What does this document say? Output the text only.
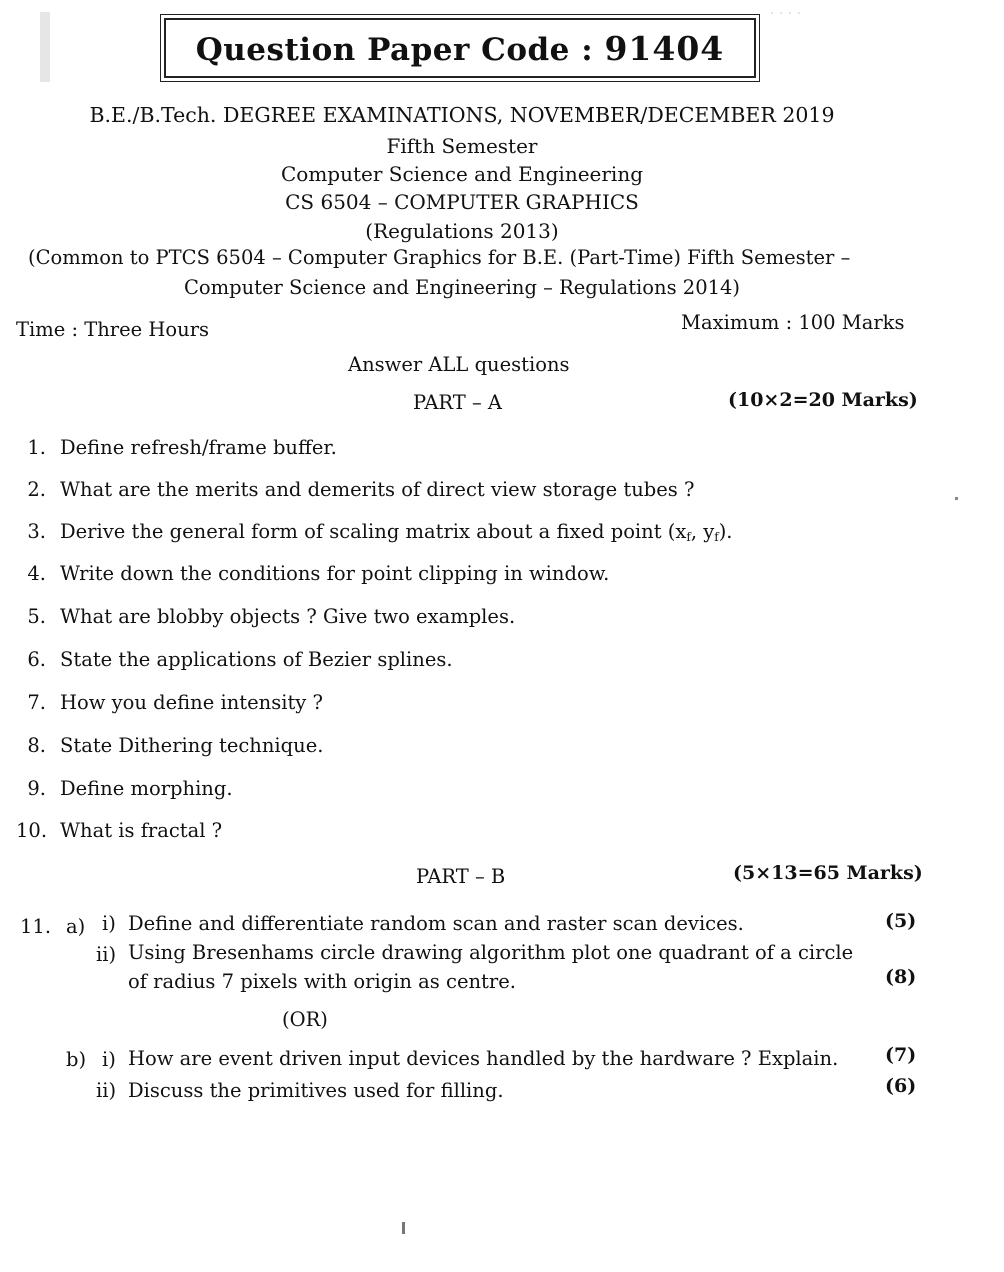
. . . .
Question Paper Code : 91404
B.E./B.Tech. DEGREE EXAMINATIONS, NOVEMBER/DECEMBER 2019
Fifth Semester
Computer Science and Engineering
CS 6504 – COMPUTER GRAPHICS
(Regulations 2013)
(Common to PTCS 6504 – Computer Graphics for B.E. (Part-Time) Fifth Semester –
Computer Science and Engineering – Regulations 2014)
Time : Three Hours	Maximum : 100 Marks
Answer ALL questions
PART – A	(10×2=20 Marks)
1. Define refresh/frame buffer.
2. What are the merits and demerits of direct view storage tubes ?
3. Derive the general form of scaling matrix about a fixed point ($x_f$, $y_f$).
4. Write down the conditions for point clipping in window.
5. What are blobby objects ? Give two examples.
6. State the applications of Bezier splines.
7. How you define intensity ?
8. State Dithering technique.
9. Define morphing.
10. What is fractal ?
PART – B	(5×13=65 Marks)
11. a) i) Define and differentiate random scan and raster scan devices.	(5)
ii) Using Bresenhams circle drawing algorithm plot one quadrant of a circle
of radius 7 pixels with origin as centre.	(8)
(OR)
b) i) How are event driven input devices handled by the hardware ? Explain. (7)
ii) Discuss the primitives used for filling.	(6)
